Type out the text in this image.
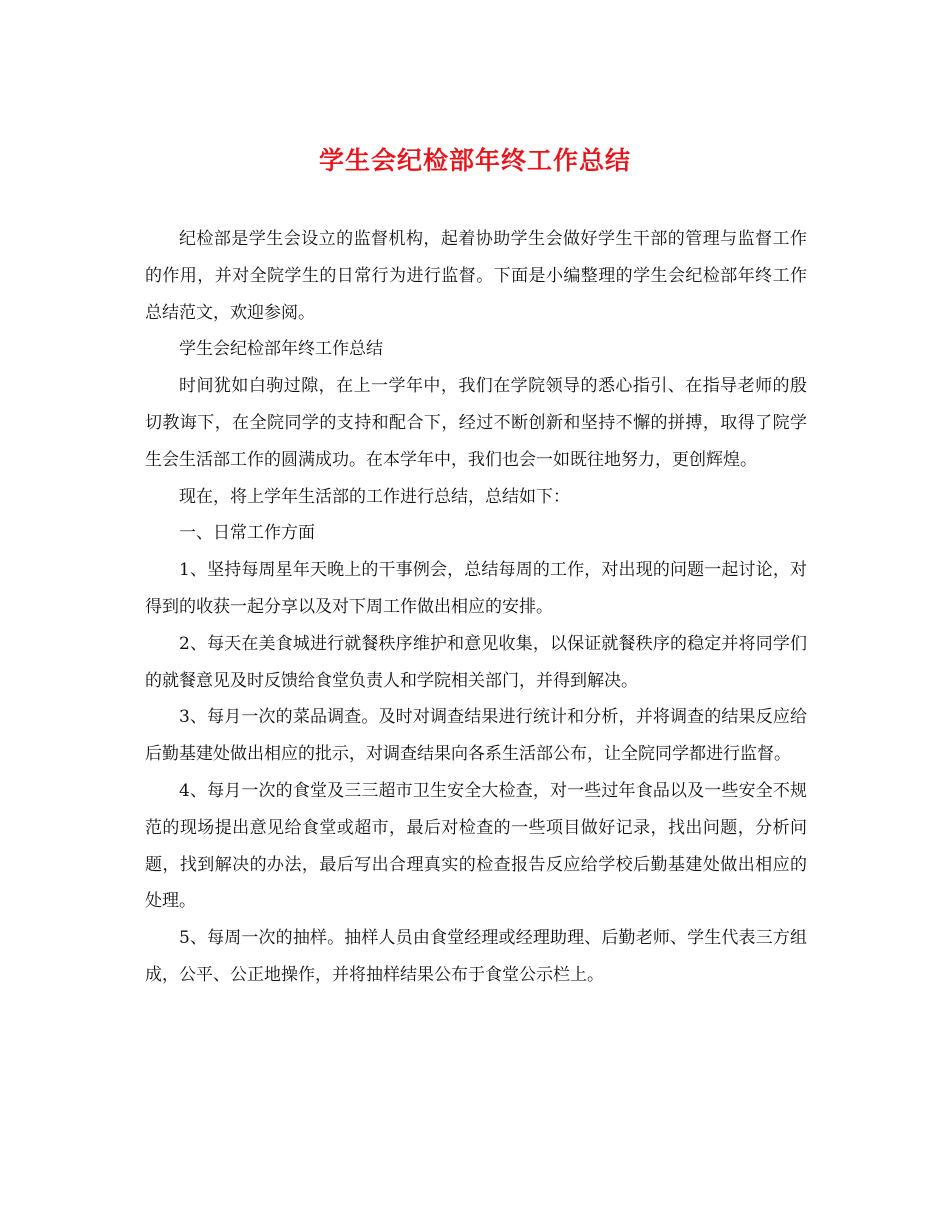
学生会纪检部年终工作总结

纪检部是学生会设立的监督机构，起着协助学生会做好学生干部的管理与监督工作的作用，并对全院学生的日常行为进行监督。下面是小编整理的学生会纪检部年终工作总结范文，欢迎参阅。

学生会纪检部年终工作总结

时间犹如白驹过隙，在上一学年中，我们在学院领导的悉心指引、在指导老师的殷切教诲下，在全院同学的支持和配合下，经过不断创新和坚持不懈的拼搏，取得了院学生会生活部工作的圆满成功。在本学年中，我们也会一如既往地努力，更创辉煌。

现在，将上学年生活部的工作进行总结，总结如下：

一、日常工作方面

1、坚持每周星年天晚上的干事例会，总结每周的工作，对出现的问题一起讨论，对得到的收获一起分享以及对下周工作做出相应的安排。

2、每天在美食城进行就餐秩序维护和意见收集，以保证就餐秩序的稳定并将同学们的就餐意见及时反馈给食堂负责人和学院相关部门，并得到解决。

3、每月一次的菜品调查。及时对调查结果进行统计和分析，并将调查的结果反应给后勤基建处做出相应的批示，对调查结果向各系生活部公布，让全院同学都进行监督。

4、每月一次的食堂及三三超市卫生安全大检查，对一些过年食品以及一些安全不规范的现场提出意见给食堂或超市，最后对检查的一些项目做好记录，找出问题，分析问题，找到解决的办法，最后写出合理真实的检查报告反应给学校后勤基建处做出相应的处理。

5、每周一次的抽样。抽样人员由食堂经理或经理助理、后勤老师、学生代表三方组成，公平、公正地操作，并将抽样结果公布于食堂公示栏上。
